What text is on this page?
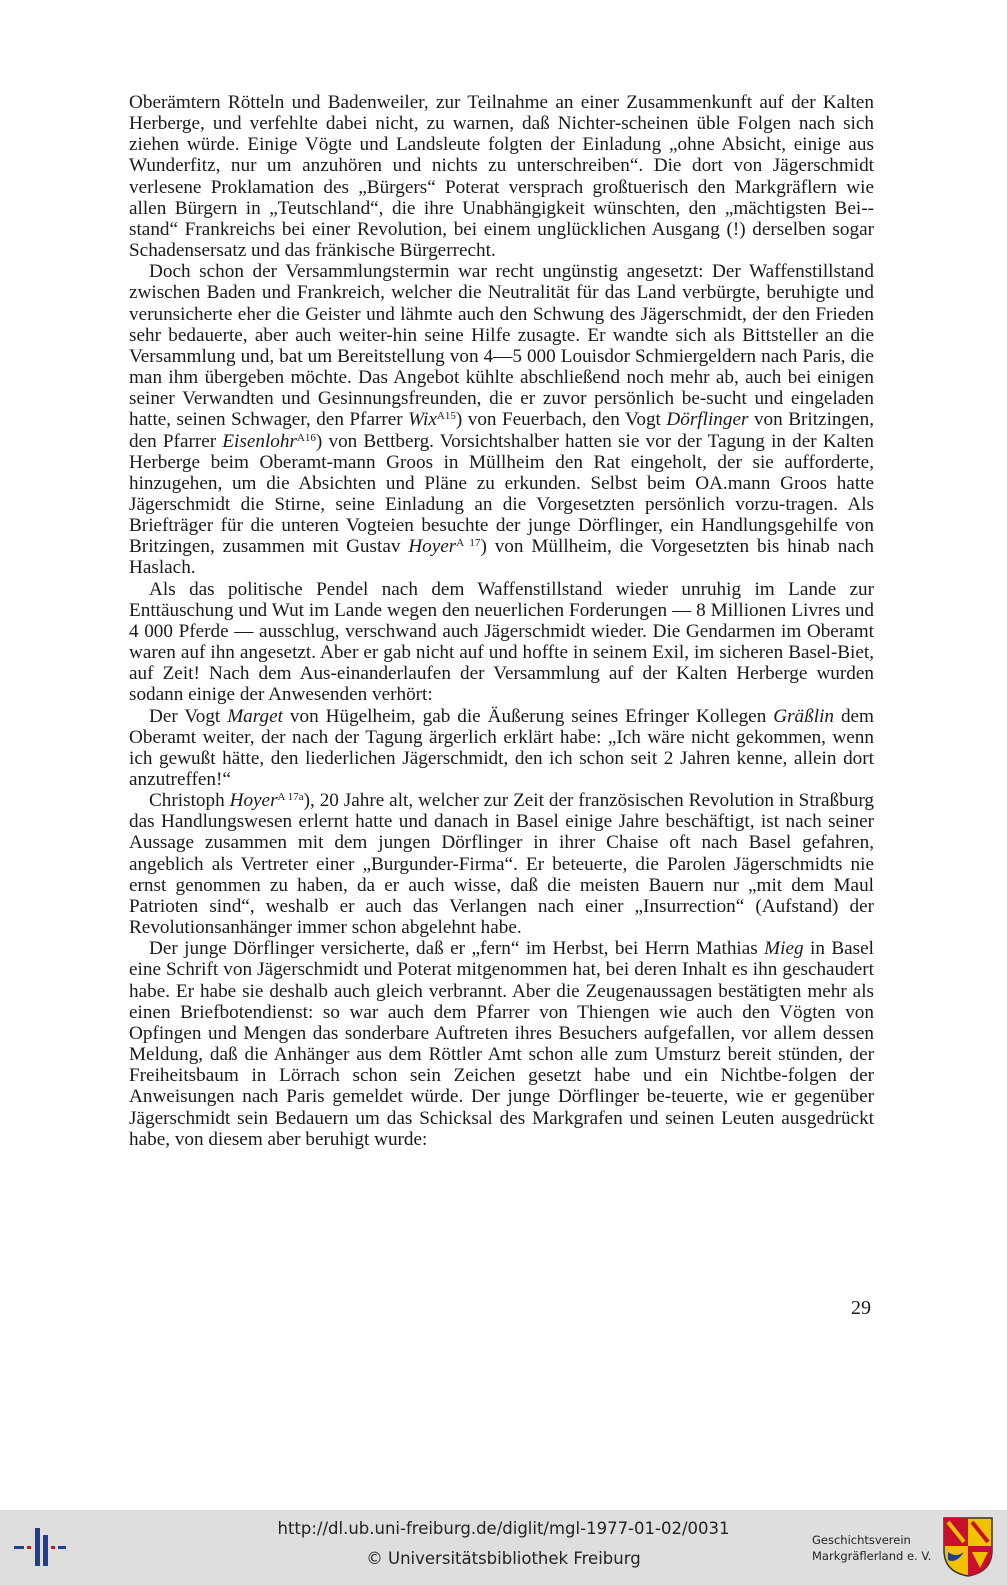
Oberämtern Rötteln und Badenweiler, zur Teilnahme an einer Zusammenkunft auf der Kalten Herberge, und verfehlte dabei nicht, zu warnen, daß Nichter-scheinen üble Folgen nach sich ziehen würde. Einige Vögte und Landsleute folgten der Einladung „ohne Absicht, einige aus Wunderfitz, nur um anzuhören und nichts zu unterschreiben“. Die dort von Jägerschmidt verlesene Proklamation des „Bürgers“ Poterat versprach großtuerisch den Markgräflern wie allen Bürgern in „Teutschland“, die ihre Unabhängigkeit wünschten, den „mächtigsten Bei-stand“ Frankreichs bei einer Revolution, bei einem unglücklichen Ausgang (!) derselben sogar Schadensersatz und das fränkische Bürgerrecht.

Doch schon der Versammlungstermin war recht ungünstig angesetzt: Der Waffenstillstand zwischen Baden und Frankreich, welcher die Neutralität für das Land verbürgte, beruhigte und verunsicherte eher die Geister und lähmte auch den Schwung des Jägerschmidt, der den Frieden sehr bedauerte, aber auch weiter-hin seine Hilfe zusagte. Er wandte sich als Bittsteller an die Versammlung und, bat um Bereitstellung von 4—5 000 Louisdor Schmiergeldern nach Paris, die man ihm übergeben möchte. Das Angebot kühlte abschließend noch mehr ab, auch bei einigen seiner Verwandten und Gesinnungsfreunden, die er zuvor persönlich be-sucht und eingeladen hatte, seinen Schwager, den Pfarrer Wix$^{A15}$) von Feuerbach, den Vogt Dörflinger von Britzingen, den Pfarrer Eisenlohr$^{A16}$) von Bettberg. Vorsichtshalber hatten sie vor der Tagung in der Kalten Herberge beim Oberamt-mann Groos in Müllheim den Rat eingeholt, der sie aufforderte, hinzugehen, um die Absichten und Pläne zu erkunden. Selbst beim OA.mann Groos hatte Jägerschmidt die Stirne, seine Einladung an die Vorgesetzten persönlich vorzu-tragen. Als Briefträger für die unteren Vogteien besuchte der junge Dörflinger, ein Handlungsgehilfe von Britzingen, zusammen mit Gustav Hoyer$^{A 17}$) von Müllheim, die Vorgesetzten bis hinab nach Haslach.

Als das politische Pendel nach dem Waffenstillstand wieder unruhig im Lande zur Enttäuschung und Wut im Lande wegen den neuerlichen Forderungen — 8 Millionen Livres und 4 000 Pferde — ausschlug, verschwand auch Jägerschmidt wieder. Die Gendarmen im Oberamt waren auf ihn angesetzt. Aber er gab nicht auf und hoffte in seinem Exil, im sicheren Basel-Biet, auf Zeit! Nach dem Aus-einanderlaufen der Versammlung auf der Kalten Herberge wurden sodann einige der Anwesenden verhört:

Der Vogt Marget von Hügelheim, gab die Äußerung seines Efringer Kollegen Gräßlin dem Oberamt weiter, der nach der Tagung ärgerlich erklärt habe: „Ich wäre nicht gekommen, wenn ich gewußt hätte, den liederlichen Jägerschmidt, den ich schon seit 2 Jahren kenne, allein dort anzutreffen!“

Christoph Hoyer$^{A 17a}$), 20 Jahre alt, welcher zur Zeit der französischen Revolution in Straßburg das Handlungswesen erlernt hatte und danach in Basel einige Jahre beschäftigt, ist nach seiner Aussage zusammen mit dem jungen Dörflinger in ihrer Chaise oft nach Basel gefahren, angeblich als Vertreter einer „Burgunder-Firma“. Er beteuerte, die Parolen Jägerschmidts nie ernst genommen zu haben, da er auch wisse, daß die meisten Bauern nur „mit dem Maul Patrioten sind“, weshalb er auch das Verlangen nach einer „Insurrection“ (Aufstand) der Revolutionsanhänger immer schon abgelehnt habe.

Der junge Dörflinger versicherte, daß er „fern“ im Herbst, bei Herrn Mathias Mieg in Basel eine Schrift von Jägerschmidt und Poterat mitgenommen hat, bei deren Inhalt es ihn geschaudert habe. Er habe sie deshalb auch gleich verbrannt. Aber die Zeugenaussagen bestätigten mehr als einen Briefbotendienst: so war auch dem Pfarrer von Thiengen wie auch den Vögten von Opfingen und Mengen das sonderbare Auftreten ihres Besuchers aufgefallen, vor allem dessen Meldung, daß die Anhänger aus dem Röttler Amt schon alle zum Umsturz bereit stünden, der Freiheitsbaum in Lörrach schon sein Zeichen gesetzt habe und ein Nichtbe-folgen der Anweisungen nach Paris gemeldet würde. Der junge Dörflinger be-teuerte, wie er gegenüber Jägerschmidt sein Bedauern um das Schicksal des Markgrafen und seinen Leuten ausgedrückt habe, von diesem aber beruhigt wurde:

29
http://dl.ub.uni-freiburg.de/diglit/mgl-1977-01-02/0031
© Universitätsbibliothek Freiburg
Geschichtsverein
Markgräflerland e. V.
